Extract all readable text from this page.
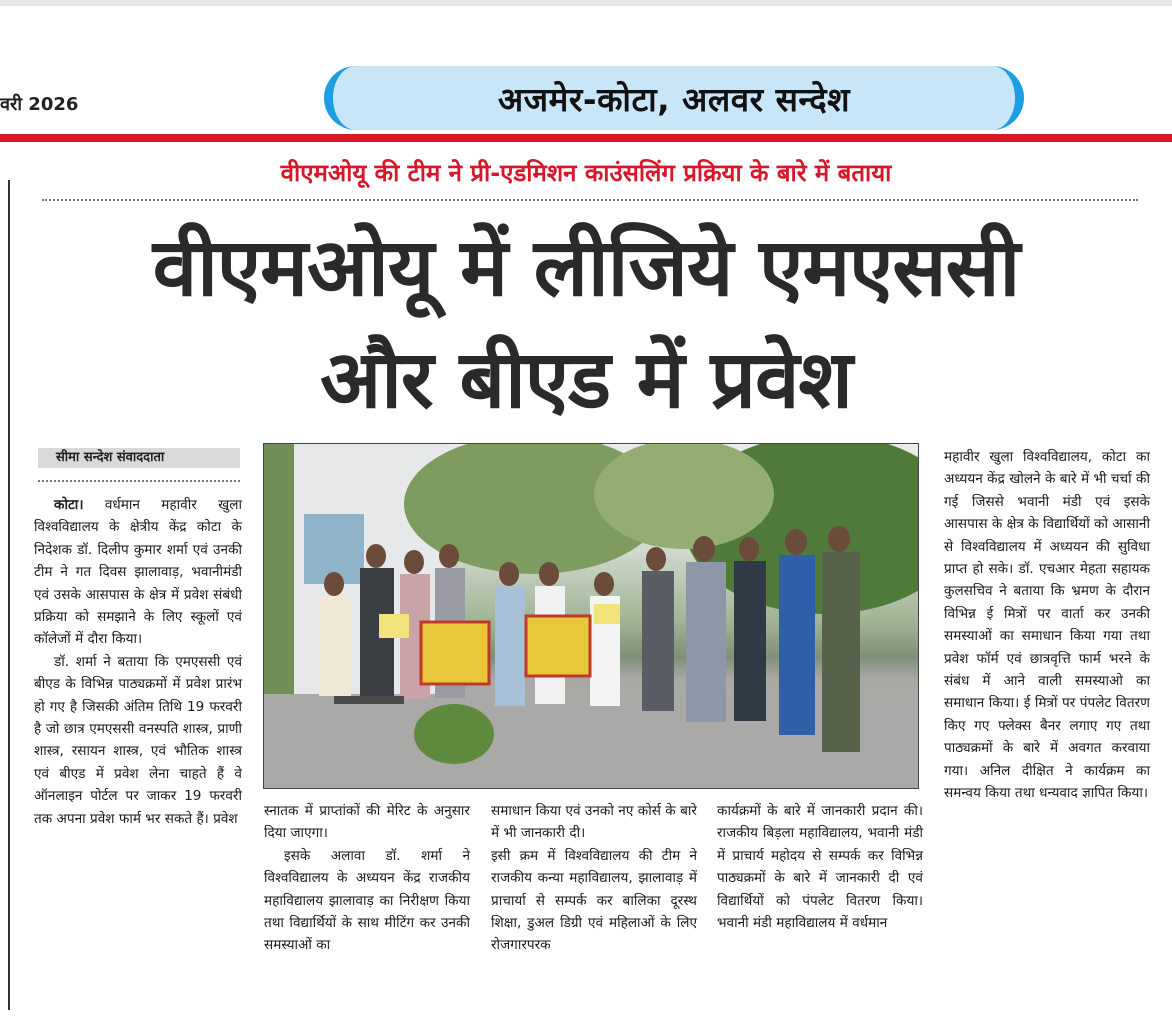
वरी 2026	अजमेर-कोटा, अलवर सन्देश
वीएमओयू की टीम ने प्री-एडमिशन काउंसलिंग प्रक्रिया के बारे में बताया
वीएमओयू में लीजिये एमएससी
और बीएड में प्रवेश
सीमा सन्देश संवाददाता

कोटा। वर्धमान महावीर खुला विश्वविद्यालय के क्षेत्रीय केंद्र कोटा के निदेशक डॉ. दिलीप कुमार शर्मा एवं उनकी टीम ने गत दिवस झालावाड़, भवानीमंडी एवं उसके आसपास के क्षेत्र में प्रवेश संबंधी प्रक्रिया को समझाने के लिए स्कूलों एवं कॉलेजों में दौरा किया।

डॉ. शर्मा ने बताया कि एमएससी एवं बीएड के विभिन्न पाठ्यक्रमों में प्रवेश प्रारंभ हो गए है जिसकी अंतिम तिथि 19 फरवरी है जो छात्र एमएससी वनस्पति शास्त्र, प्राणी शास्त्र, रसायन शास्त्र, एवं भौतिक शास्त्र एवं बीएड में प्रवेश लेना चाहते हैं वे ऑनलाइन पोर्टल पर जाकर 19 फरवरी तक अपना प्रवेश फार्म भर सकते हैं। प्रवेश	स्नातक में प्राप्तांकों की मेरिट के अनुसार दिया जाएगा।

इसके अलावा डॉ. शर्मा ने विश्वविद्यालय के अध्ययन केंद्र राजकीय महाविद्यालय झालावाड़ का निरीक्षण किया तथा विद्यार्थियों के साथ मीटिंग कर उनकी समस्याओं का

समाधान किया एवं उनको नए कोर्स के बारे में भी जानकारी दी।

इसी क्रम में विश्वविद्यालय की टीम ने राजकीय कन्या महाविद्यालय, झालावाड़ में प्राचार्या से सम्पर्क कर बालिका दूरस्थ शिक्षा, डुअल डिग्री एवं महिलाओं के लिए रोजगारपरक

कार्यक्रमों के बारे में जानकारी प्रदान की। राजकीय बिड़ला महाविद्यालय, भवानी मंडी में प्राचार्य महोदय से सम्पर्क कर विभिन्न पाठ्यक्रमों के बारे में जानकारी दी एवं विद्यार्थियों को पंपलेट वितरण किया। भवानी मंडी महाविद्यालय में वर्धमान

महावीर खुला विश्वविद्यालय, कोटा का अध्ययन केंद्र खोलने के बारे में भी चर्चा की गई जिससे भवानी मंडी एवं इसके आसपास के क्षेत्र के विद्यार्थियों को आसानी से विश्वविद्यालय में अध्ययन की सुविधा प्राप्त हो सके। डॉ. एचआर मेहता सहायक कुलसचिव ने बताया कि भ्रमण के दौरान विभिन्न ई मित्रों पर वार्ता कर उनकी समस्याओं का समाधान किया गया तथा प्रवेश फॉर्म एवं छात्रवृत्ति फार्म भरने के संबंध में आने वाली समस्याओ का समाधान किया। ई मित्रों पर पंपलेट वितरण किए गए फ्लेक्स बैनर लगाए गए तथा पाठ्यक्रमों के बारे में अवगत करवाया गया। अनिल दीक्षित ने कार्यक्रम का समन्वय किया तथा धन्यवाद ज्ञापित किया।
